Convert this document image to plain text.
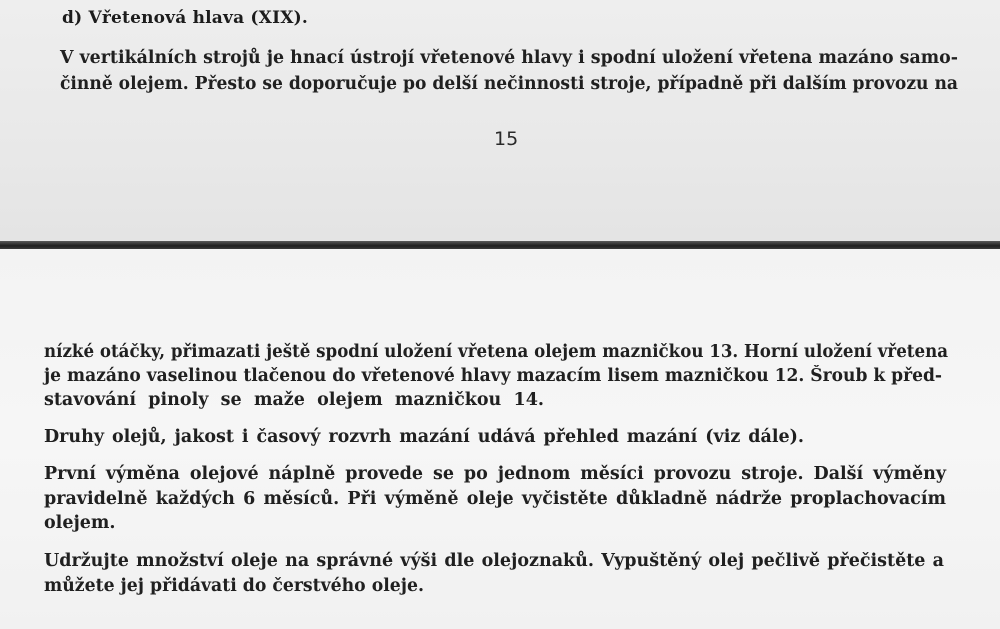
d) Vřetenová hlava (XIX).

V vertikálních strojů je hnací ústrojí vřetenové hlavy i spodní uložení vřetena mazáno samo-

činně olejem. Přesto se doporučuje po delší nečinnosti stroje, případně při dalším provozu na

15

nízké otáčky, přimazati ještě spodní uložení vřetena olejem mazničkou 13. Horní uložení vřetena

je mazáno vaselinou tlačenou do vřetenové hlavy mazacím lisem mazničkou 12. Šroub k před-

stavování pinoly se maže olejem mazničkou 14.

Druhy olejů, jakost i časový rozvrh mazání udává přehled mazání (viz dále).

První výměna olejové náplně provede se po jednom měsíci provozu stroje. Další výměny

pravidelně každých 6 měsíců. Při výměně oleje vyčistěte důkladně nádrže proplachovacím

olejem.

Udržujte množství oleje na správné výši dle olejoznaků. Vypuštěný olej pečlivě přečistěte a

můžete jej přidávati do čerstvého oleje.
